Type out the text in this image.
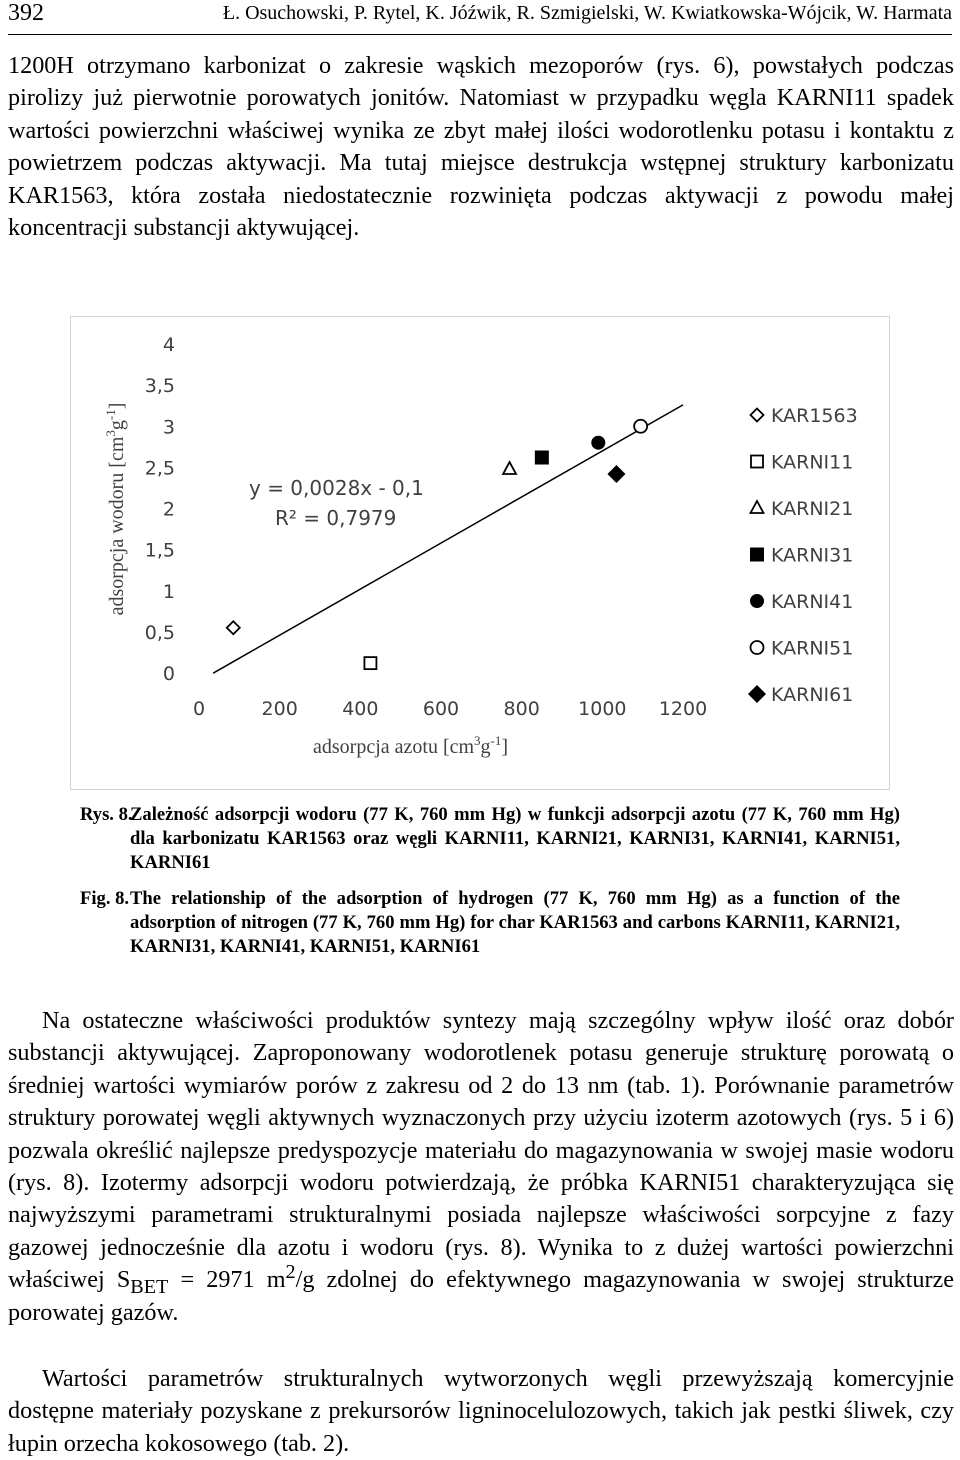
392	Ł. Osuchowski, P. Rytel, K. Jóźwik, R. Szmigielski, W. Kwiatkowska-Wójcik, W. Harmata

1200H otrzymano karbonizat o zakresie wąskich mezoporów (rys. 6), powstałych podczas pirolizy już pierwotnie porowatych jonitów. Natomiast w przypadku węgla KARNI11 spadek wartości powierzchni właściwej wynika ze zbyt małej ilości wodorotlenku potasu i kontaktu z powietrzem podczas aktywacji. Ma tutaj miejsce destrukcja wstępnej struktury karbonizatu KAR1563, która została niedostatecznie rozwinięta podczas aktywacji z powodu małej koncentracji substancji aktywującej.

0
0,5
1
1,5
2
2,5
3
3,5
4
0	200 400 600 800 1000 1200
KAR1563
KARNI11
KARNI21
KARNI31
KARNI41
KARNI51
KARNI61
y = 0,0028x - 0,1
R² = 0,7979
adsorpcja azotu $[cm^3g^{-1}]$
adsorpcja wodoru $[cm^3g^{-1}]$
Rys. 8.
Zależność adsorpcji wodoru (77 K, 760 mm Hg) w funkcji adsorpcji azotu (77 K, 760 mm Hg) dla karbonizatu KAR1563 oraz węgli KARNI11, KARNI21, KARNI31, KARNI41, KARNI51, KARNI61
Fig. 8. The relationship of the adsorption of hydrogen (77 K, 760 mm Hg) as a function of the adsorption of nitrogen (77 K, 760 mm Hg) for char KAR1563 and carbons KARNI11, KARNI21, KARNI31, KARNI41, KARNI51, KARNI61

Na ostateczne właściwości produktów syntezy mają szczególny wpływ ilość oraz dobór substancji aktywującej. Zaproponowany wodorotlenek potasu generuje strukturę porowatą o średniej wartości wymiarów porów z zakresu od 2 do 13 nm (tab. 1). Porównanie parametrów struktury porowatej węgli aktywnych wyznaczonych przy użyciu izoterm azotowych (rys. 5 i 6) pozwala określić najlepsze predyspozycje materiału do magazynowania w swojej masie wodoru (rys. 8). Izotermy adsorpcji wodoru potwierdzają, że próbka KARNI51 charakteryzująca się najwyższymi parametrami strukturalnymi posiada najlepsze właściwości sorpcyjne z fazy gazowej jednocześnie dla azotu i wodoru (rys. 8). Wynika to z dużej wartości powierzchni właściwej $S_{BET} = 2971$ $m^2/g$ zdolnej do efektywnego magazynowania w swojej strukturze porowatej gazów.

Wartości parametrów strukturalnych wytworzonych węgli przewyższają komercyjnie dostępne materiały pozyskane z prekursorów ligninocelulozowych, takich jak pestki śliwek, czy łupin orzecha kokosowego (tab. 2).
